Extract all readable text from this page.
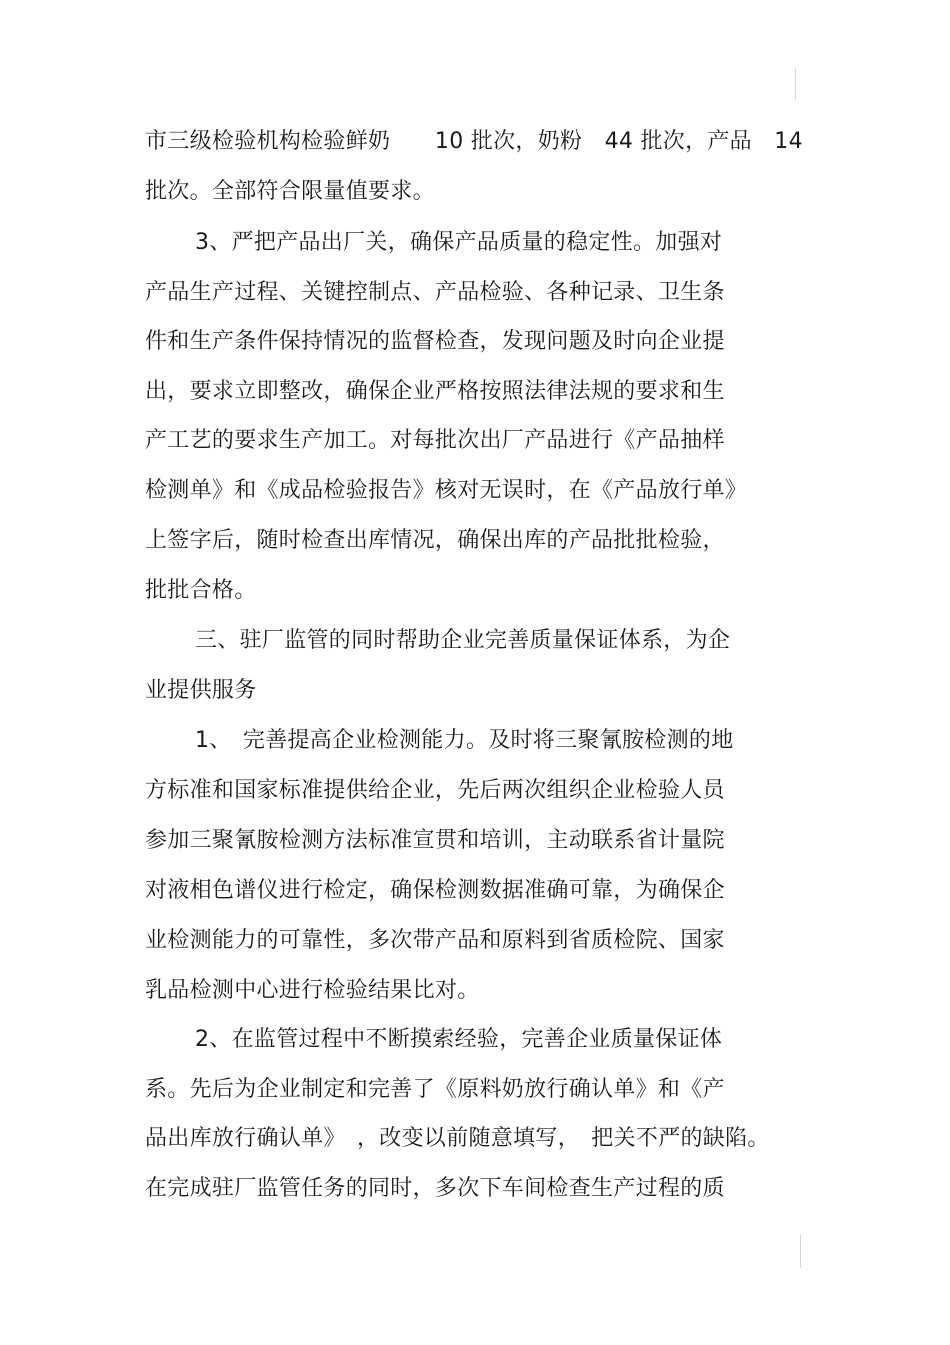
市三级检验机构检验鲜奶　　10 批次，奶粉　44 批次，产品　14
批次。全部符合限量值要求。
3、严把产品出厂关，确保产品质量的稳定性。加强对
产品生产过程、关键控制点、产品检验、各种记录、卫生条
件和生产条件保持情况的监督检查，发现问题及时向企业提
出，要求立即整改，确保企业严格按照法律法规的要求和生
产工艺的要求生产加工。对每批次出厂产品进行《产品抽样
检测单》和《成品检验报告》核对无误时，在《产品放行单》
上签字后，随时检查出库情况，确保出库的产品批批检验，
批批合格。
三、驻厂监管的同时帮助企业完善质量保证体系，为企
业提供服务
1、　完善提高企业检测能力。及时将三聚氰胺检测的地
方标准和国家标准提供给企业，先后两次组织企业检验人员
参加三聚氰胺检测方法标准宣贯和培训，主动联系省计量院
对液相色谱仪进行检定，确保检测数据准确可靠，为确保企
业检测能力的可靠性，多次带产品和原料到省质检院、国家
乳品检测中心进行检验结果比对。
2、在监管过程中不断摸索经验，完善企业质量保证体
系。先后为企业制定和完善了《原料奶放行确认单》和《产
品出库放行确认单》　，改变以前随意填写，　把关不严的缺陷。
在完成驻厂监管任务的同时，多次下车间检查生产过程的质
